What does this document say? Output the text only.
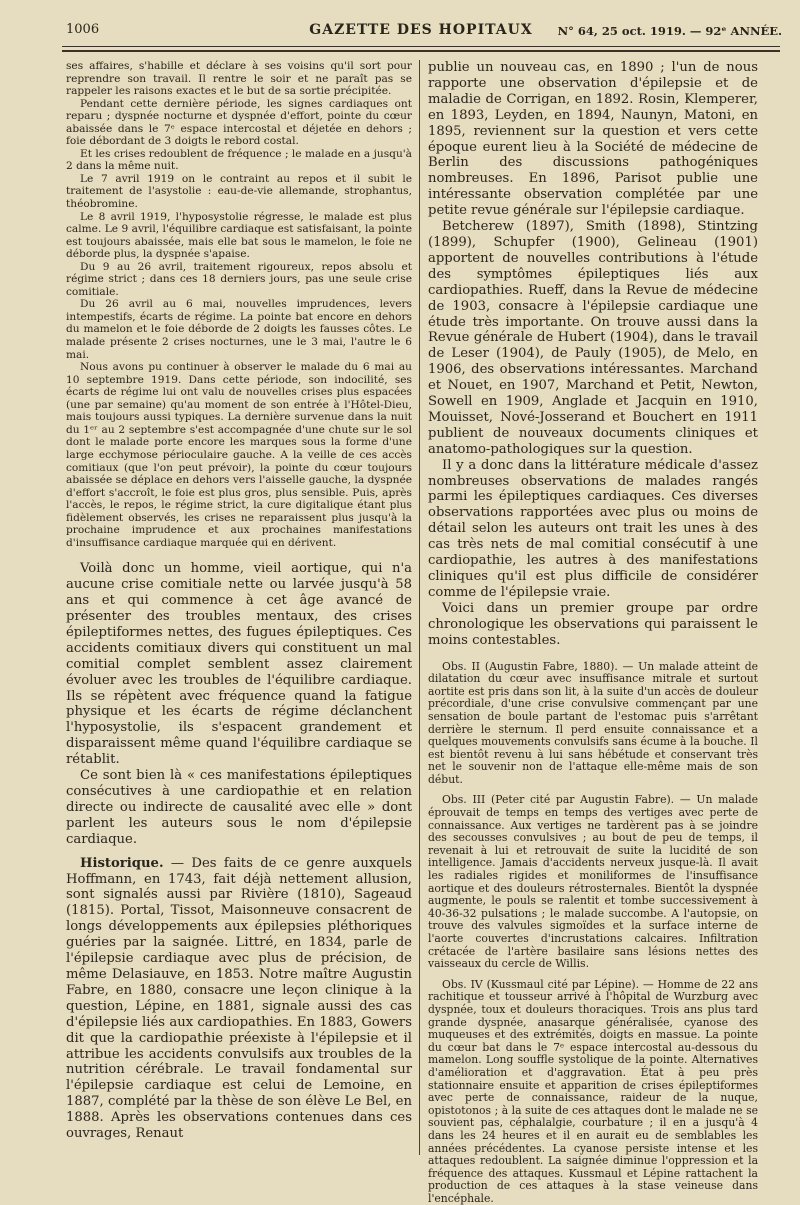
1006	GAZETTE DES HOPITAUX	N° 64, 25 oct. 1919. — 92ᵉ ANNÉE.

ses affaires, s'habille et déclare à ses voisins qu'il sort pour reprendre son travail. Il rentre le soir et ne paraît pas se rappeler les raisons exactes et le but de sa sortie précipitée.

Pendant cette dernière période, les signes cardiaques ont reparu ; dyspnée nocturne et dyspnée d'effort, pointe du cœur abaissée dans le 7ᵉ espace intercostal et déjetée en dehors ; foie débordant de 3 doigts le rebord costal.

Et les crises redoublent de fréquence ; le malade en a jusqu'à 2 dans la même nuit.

Le 7 avril 1919 on le contraint au repos et il subit le traitement de l'asystolie : eau-de-vie allemande, strophantus, théobromine.

Le 8 avril 1919, l'hyposystolie régresse, le malade est plus calme. Le 9 avril, l'équilibre cardiaque est satisfaisant, la pointe est toujours abaissée, mais elle bat sous le mamelon, le foie ne déborde plus, la dyspnée s'apaise.

Du 9 au 26 avril, traitement rigoureux, repos absolu et régime strict ; dans ces 18 derniers jours, pas une seule crise comitiale.

Du 26 avril au 6 mai, nouvelles imprudences, levers intempestifs, écarts de régime. La pointe bat encore en dehors du mamelon et le foie déborde de 2 doigts les fausses côtes. Le malade présente 2 crises nocturnes, une le 3 mai, l'autre le 6 mai.

Nous avons pu continuer à observer le malade du 6 mai au 10 septembre 1919. Dans cette période, son indocilité, ses écarts de régime lui ont valu de nouvelles crises plus espacées (une par semaine) qu'au moment de son entrée à l'Hôtel-Dieu, mais toujours aussi typiques. La dernière survenue dans la nuit du 1ᵉʳ au 2 septembre s'est accompagnée d'une chute sur le sol dont le malade porte encore les marques sous la forme d'une large ecchymose périoculaire gauche. A la veille de ces accès comitiaux (que l'on peut prévoir), la pointe du cœur toujours abaissée se déplace en dehors vers l'aisselle gauche, la dyspnée d'effort s'accroît, le foie est plus gros, plus sensible. Puis, après l'accès, le repos, le régime strict, la cure digitalique étant plus fidèlement observés, les crises ne reparaissent plus jusqu'à la prochaine imprudence et aux prochaines manifestations d'insuffisance cardiaque marquée qui en dérivent.

Voilà donc un homme, vieil aortique, qui n'a aucune crise comitiale nette ou larvée jusqu'à 58 ans et qui commence à cet âge avancé de présenter des troubles mentaux, des crises épileptiformes nettes, des fugues épileptiques. Ces accidents comitiaux divers qui constituent un mal comitial complet semblent assez clairement évoluer avec les troubles de l'équilibre cardiaque. Ils se répètent avec fréquence quand la fatigue physique et les écarts de régime déclanchent l'hyposystolie, ils s'espacent grandement et disparaissent même quand l'équilibre cardiaque se rétablit.

Ce sont bien là « ces manifestations épileptiques consécutives à une cardiopathie et en relation directe ou indirecte de causalité avec elle » dont parlent les auteurs sous le nom d'épilepsie cardiaque.

Historique. — Des faits de ce genre auxquels Hoffmann, en 1743, fait déjà nettement allusion, sont signalés aussi par Rivière (1810), Sageaud (1815). Portal, Tissot, Maisonneuve consacrent de longs développements aux épilepsies pléthoriques guéries par la saignée. Littré, en 1834, parle de l'épilepsie cardiaque avec plus de précision, de même Delasiauve, en 1853. Notre maître Augustin Fabre, en 1880, consacre une leçon clinique à la question, Lépine, en 1881, signale aussi des cas d'épilepsie liés aux cardiopathies. En 1883, Gowers dit que la cardiopathie préexiste à l'épilepsie et il attribue les accidents convulsifs aux troubles de la nutrition cérébrale. Le travail fondamental sur l'épilepsie cardiaque est celui de Lemoine, en 1887, complété par la thèse de son élève Le Bel, en 1888. Après les observations contenues dans ces ouvrages, Renaut

publie un nouveau cas, en 1890 ; l'un de nous rapporte une observation d'épilepsie et de maladie de Corrigan, en 1892. Rosin, Klemperer, en 1893, Leyden, en 1894, Naunyn, Matoni, en 1895, reviennent sur la question et vers cette époque eurent lieu à la Société de médecine de Berlin des discussions pathogéniques nombreuses. En 1896, Parisot publie une intéressante observation complétée par une petite revue générale sur l'épilepsie cardiaque.

Betcherew (1897), Smith (1898), Stintzing (1899), Schupfer (1900), Gelineau (1901) apportent de nouvelles contributions à l'étude des symptômes épileptiques liés aux cardiopathies. Rueff, dans la Revue de médecine de 1903, consacre à l'épilepsie cardiaque une étude très importante. On trouve aussi dans la Revue générale de Hubert (1904), dans le travail de Leser (1904), de Pauly (1905), de Melo, en 1906, des observations intéressantes. Marchand et Nouet, en 1907, Marchand et Petit, Newton, Sowell en 1909, Anglade et Jacquin en 1910, Mouisset, Nové-Josserand et Bouchert en 1911 publient de nouveaux documents cliniques et anatomo-pathologiques sur la question.

Il y a donc dans la littérature médicale d'assez nombreuses observations de malades rangés parmi les épileptiques cardiaques. Ces diverses observations rapportées avec plus ou moins de détail selon les auteurs ont trait les unes à des cas très nets de mal comitial consécutif à une cardiopathie, les autres à des manifestations cliniques qu'il est plus difficile de considérer comme de l'épilepsie vraie.

Voici dans un premier groupe par ordre chronologique les observations qui paraissent le moins contestables.

Obs. II (Augustin Fabre, 1880). — Un malade atteint de dilatation du cœur avec insuffisance mitrale et surtout aortite est pris dans son lit, à la suite d'un accès de douleur précordiale, d'une crise convulsive commençant par une sensation de boule partant de l'estomac puis s'arrêtant derrière le sternum. Il perd ensuite connaissance et a quelques mouvements convulsifs sans écume à la bouche. Il est bientôt revenu à lui sans hébétude et conservant très net le souvenir non de l'attaque elle-même mais de son début.

Obs. III (Peter cité par Augustin Fabre). — Un malade éprouvait de temps en temps des vertiges avec perte de connaissance. Aux vertiges ne tardèrent pas à se joindre des secousses convulsives ; au bout de peu de temps, il revenait à lui et retrouvait de suite la lucidité de son intelligence. Jamais d'accidents nerveux jusque-là. Il avait les radiales rigides et moniliformes de l'insuffisance aortique et des douleurs rétrosternales. Bientôt la dyspnée augmente, le pouls se ralentit et tombe successivement à 40-36-32 pulsations ; le malade succombe. A l'autopsie, on trouve des valvules sigmoïdes et la surface interne de l'aorte couvertes d'incrustations calcaires. Infiltration crétacée de l'artère basilaire sans lésions nettes des vaisseaux du cercle de Willis.

Obs. IV (Kussmaul cité par Lépine). — Homme de 22 ans rachitique et tousseur arrivé à l'hôpital de Wurzburg avec dyspnée, toux et douleurs thoraciques. Trois ans plus tard grande dyspnée, anasarque généralisée, cyanose des muqueuses et des extrémités, doigts en massue. La pointe du cœur bat dans le 7ᵉ espace intercostal au-dessous du mamelon. Long souffle systolique de la pointe. Alternatives d'amélioration et d'aggravation. État à peu près stationnaire ensuite et apparition de crises épileptiformes avec perte de connaissance, raideur de la nuque, opistotonos ; à la suite de ces attaques dont le malade ne se souvient pas, céphalalgie, courbature ; il en a jusqu'à 4 dans les 24 heures et il en aurait eu de semblables les années précédentes. La cyanose persiste intense et les attaques redoublent. La saignée diminue l'oppression et la fréquence des attaques. Kussmaul et Lépine rattachent la production de ces attaques à la stase veineuse dans l'encéphale.
